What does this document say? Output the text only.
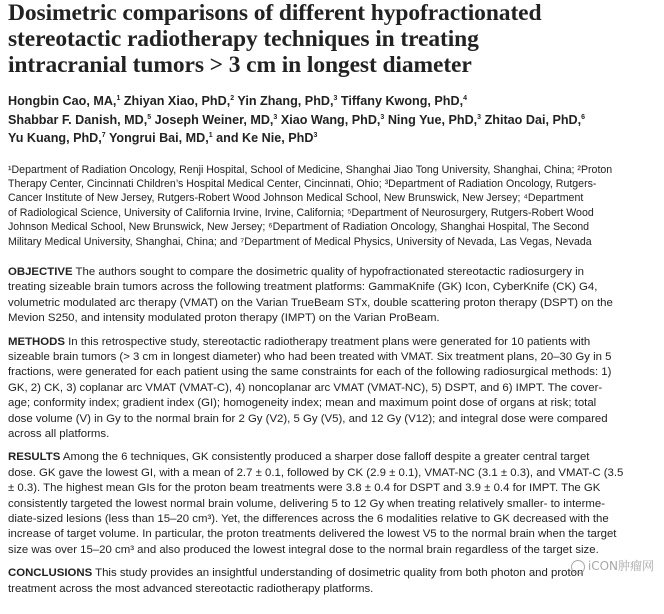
Dosimetric comparisons of different hypofractionated
stereotactic radiotherapy techniques in treating
intracranial tumors > 3 cm in longest diameter
Hongbin Cao, MA,$^1$ Zhiyan Xiao, PhD,$^2$ Yin Zhang, PhD,$^3$ Tiffany Kwong, PhD,$^4$
Shabbar F. Danish, MD,$^5$ Joseph Weiner, MD,$^3$ Xiao Wang, PhD,$^3$ Ning Yue, PhD,$^3$ Zhitao Dai, PhD,$^6$
Yu Kuang, PhD,$^7$ Yongrui Bai, MD,$^1$ and Ke Nie, PhD$^3$
¹Department of Radiation Oncology, Renji Hospital, School of Medicine, Shanghai Jiao Tong University, Shanghai, China; ²Proton
Therapy Center, Cincinnati Children’s Hospital Medical Center, Cincinnati, Ohio; ³Department of Radiation Oncology, Rutgers-
Cancer Institute of New Jersey, Rutgers-Robert Wood Johnson Medical School, New Brunswick, New Jersey; ⁴Department
of Radiological Science, University of California Irvine, Irvine, California; ⁵Department of Neurosurgery, Rutgers-Robert Wood
Johnson Medical School, New Brunswick, New Jersey; ⁶Department of Radiation Oncology, Shanghai Hospital, The Second
Military Medical University, Shanghai, China; and ⁷Department of Medical Physics, University of Nevada, Las Vegas, Nevada
OBJECTIVE The authors sought to compare the dosimetric quality of hypofractionated stereotactic radiosurgery in
treating sizeable brain tumors across the following treatment platforms: GammaKnife (GK) Icon, CyberKnife (CK) G4,
volumetric modulated arc therapy (VMAT) on the Varian TrueBeam STx, double scattering proton therapy (DSPT) on the
Mevion S250, and intensity modulated proton therapy (IMPT) on the Varian ProBeam.
METHODS In this retrospective study, stereotactic radiotherapy treatment plans were generated for 10 patients with
sizeable brain tumors (> 3 cm in longest diameter) who had been treated with VMAT. Six treatment plans, 20–30 Gy in 5
fractions, were generated for each patient using the same constraints for each of the following radiosurgical methods: 1)
GK, 2) CK, 3) coplanar arc VMAT (VMAT-C), 4) noncoplanar arc VMAT (VMAT-NC), 5) DSPT, and 6) IMPT. The cover-
age; conformity index; gradient index (GI); homogeneity index; mean and maximum point dose of organs at risk; total
dose volume (V) in Gy to the normal brain for 2 Gy (V2), 5 Gy (V5), and 12 Gy (V12); and integral dose were compared
across all platforms.
RESULTS Among the 6 techniques, GK consistently produced a sharper dose falloff despite a greater central target
dose. GK gave the lowest GI, with a mean of 2.7 ± 0.1, followed by CK (2.9 ± 0.1), VMAT-NC (3.1 ± 0.3), and VMAT-C (3.5
± 0.3). The highest mean GIs for the proton beam treatments were 3.8 ± 0.4 for DSPT and 3.9 ± 0.4 for IMPT. The GK
consistently targeted the lowest normal brain volume, delivering 5 to 12 Gy when treating relatively smaller- to interme-
diate-sized lesions (less than 15–20 cm³). Yet, the differences across the 6 modalities relative to GK decreased with the
increase of target volume. In particular, the proton treatments delivered the lowest V5 to the normal brain when the target
size was over 15–20 cm³ and also produced the lowest integral dose to the normal brain regardless of the target size.
CONCLUSIONS This study provides an insightful understanding of dosimetric quality from both photon and proton
treatment across the most advanced stereotactic radiotherapy platforms.
iCON肿瘤网
